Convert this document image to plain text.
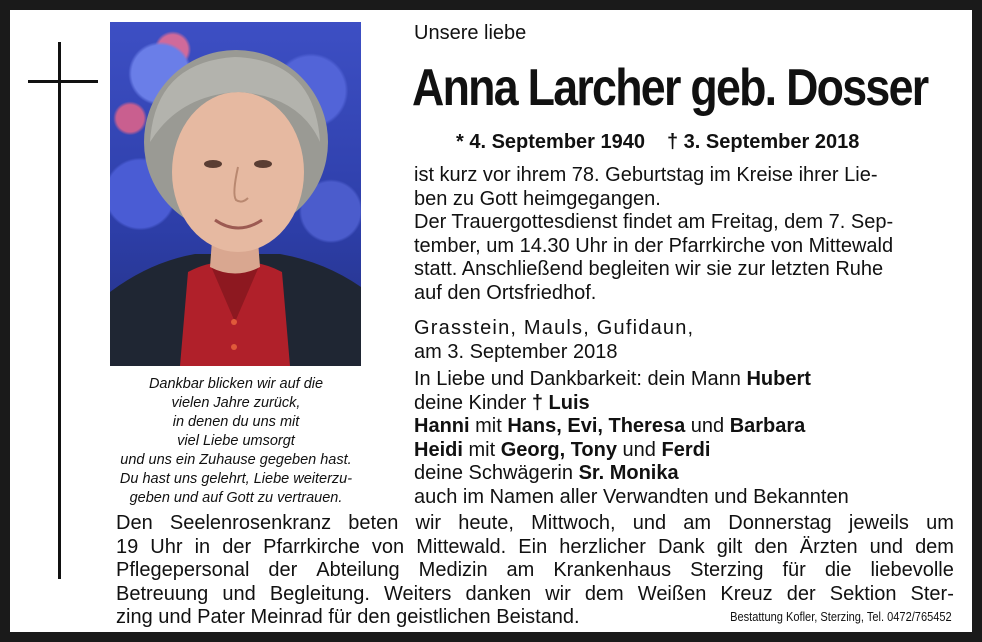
Dankbar blicken wir auf die
vielen Jahre zurück,
in denen du uns mit
viel Liebe umsorgt
und uns ein Zuhause gegeben hast.
Du hast uns gelehrt, Liebe weiterzu-
geben und auf Gott zu vertrauen.
Unsere liebe
Anna Larcher geb. Dosser
* 4. September 1940 † 3. September 2018
ist kurz vor ihrem 78. Geburtstag im Kreise ihrer Lie-
ben zu Gott heimgegangen.
Der Trauergottesdienst findet am Freitag, dem 7. Sep-
tember, um 14.30 Uhr in der Pfarrkirche von Mittewald
statt. Anschließend begleiten wir sie zur letzten Ruhe
auf den Ortsfriedhof.
Grasstein, Mauls, Gufidaun,
am 3. September 2018
In Liebe und Dankbarkeit: dein Mann Hubert
deine Kinder † Luis
Hanni mit Hans, Evi, Theresa und Barbara
Heidi mit Georg, Tony und Ferdi
deine Schwägerin Sr. Monika
auch im Namen aller Verwandten und Bekannten
Den Seelenrosenkranz beten wir heute, Mittwoch, und am Donnerstag jeweils um
19 Uhr in der Pfarrkirche von Mittewald. Ein herzlicher Dank gilt den Ärzten und dem
Pflegepersonal der Abteilung Medizin am Krankenhaus Sterzing für die liebevolle
Betreuung und Begleitung. Weiters danken wir dem Weißen Kreuz der Sektion Ster-
zing und Pater Meinrad für den geistlichen Beistand.	Bestattung Kofler, Sterzing, Tel. 0472/765452
